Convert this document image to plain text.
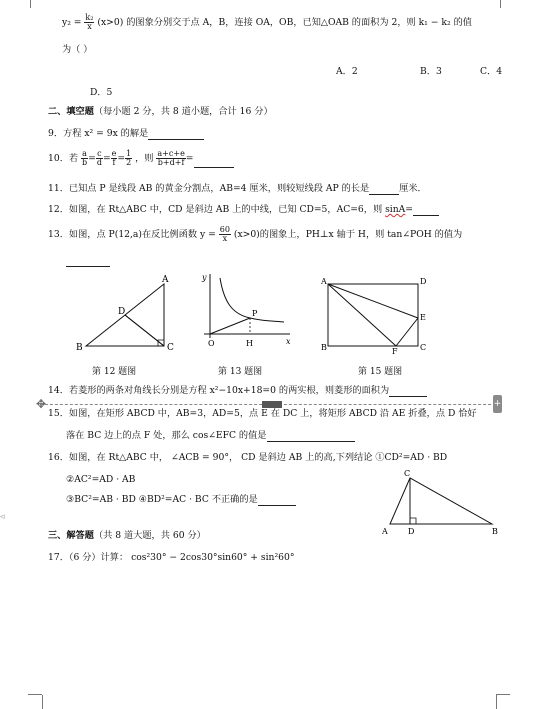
$y_2 = \frac{\text{k₂}}{x} (x>0)$ 的图象分别交于点 A，B，连接 OA，OB，已知△OAB 的面积为 2，则 k₁ − k₂ 的值
为（ ）
A．2	B．3	C．4
D．5
二、填空题（每小题 2 分，共 8 道小题，合计 16 分）
9．方程 x² = 9x 的解是
10．若 $\frac{a}{b} = \frac{c}{d} = \frac{e}{f} = \frac{1}{2}$ ，则 $\frac{a+c+e}{b+d+f}$ =
11．已知点 P 是线段 AB 的黄金分割点，AB=4 厘米，则较短线段 AP 的长是	厘米．
12．如图，在 Rt△ABC 中，CD 是斜边 AB 上的中线，已知 CD=5，AC=6，则 sinA=
13．如图，点 P(12,a)在反比例函数 $y = \frac{60}{x} (x>0)$的图象上，PH⊥x 轴于 H，则 tan∠POH 的值为
A
B	C
D
y
x
O	H
P
A	D
E
B	F	C
第 12 题图	第 13 题图	第 15 题图
14．若菱形的两条对角线长分别是方程 x²−10x+18=0 的两实根，则菱形的面积为
✥	+
◃
15．如图，在矩形 ABCD 中，AB=3，AD=5，点 E 在 DC 上，将矩形 ABCD 沿 AE 折叠，点 D 恰好
落在 BC 边上的点 F 处，那么 cos∠EFC 的值是
16．如图，在 Rt△ABC 中， ∠ACB = 90°， CD 是斜边 AB 上的高,下列结论 ①CD²=AD · BD
②AC²=AD · AB
③BC²=AB · BD ④BD²=AC · BC 不正确的是
A
C
D	B
三、解答题（共 8 道大题，共 60 分）
17．（6 分）计算： cos²30° − 2cos30°sin60° + sin²60°
